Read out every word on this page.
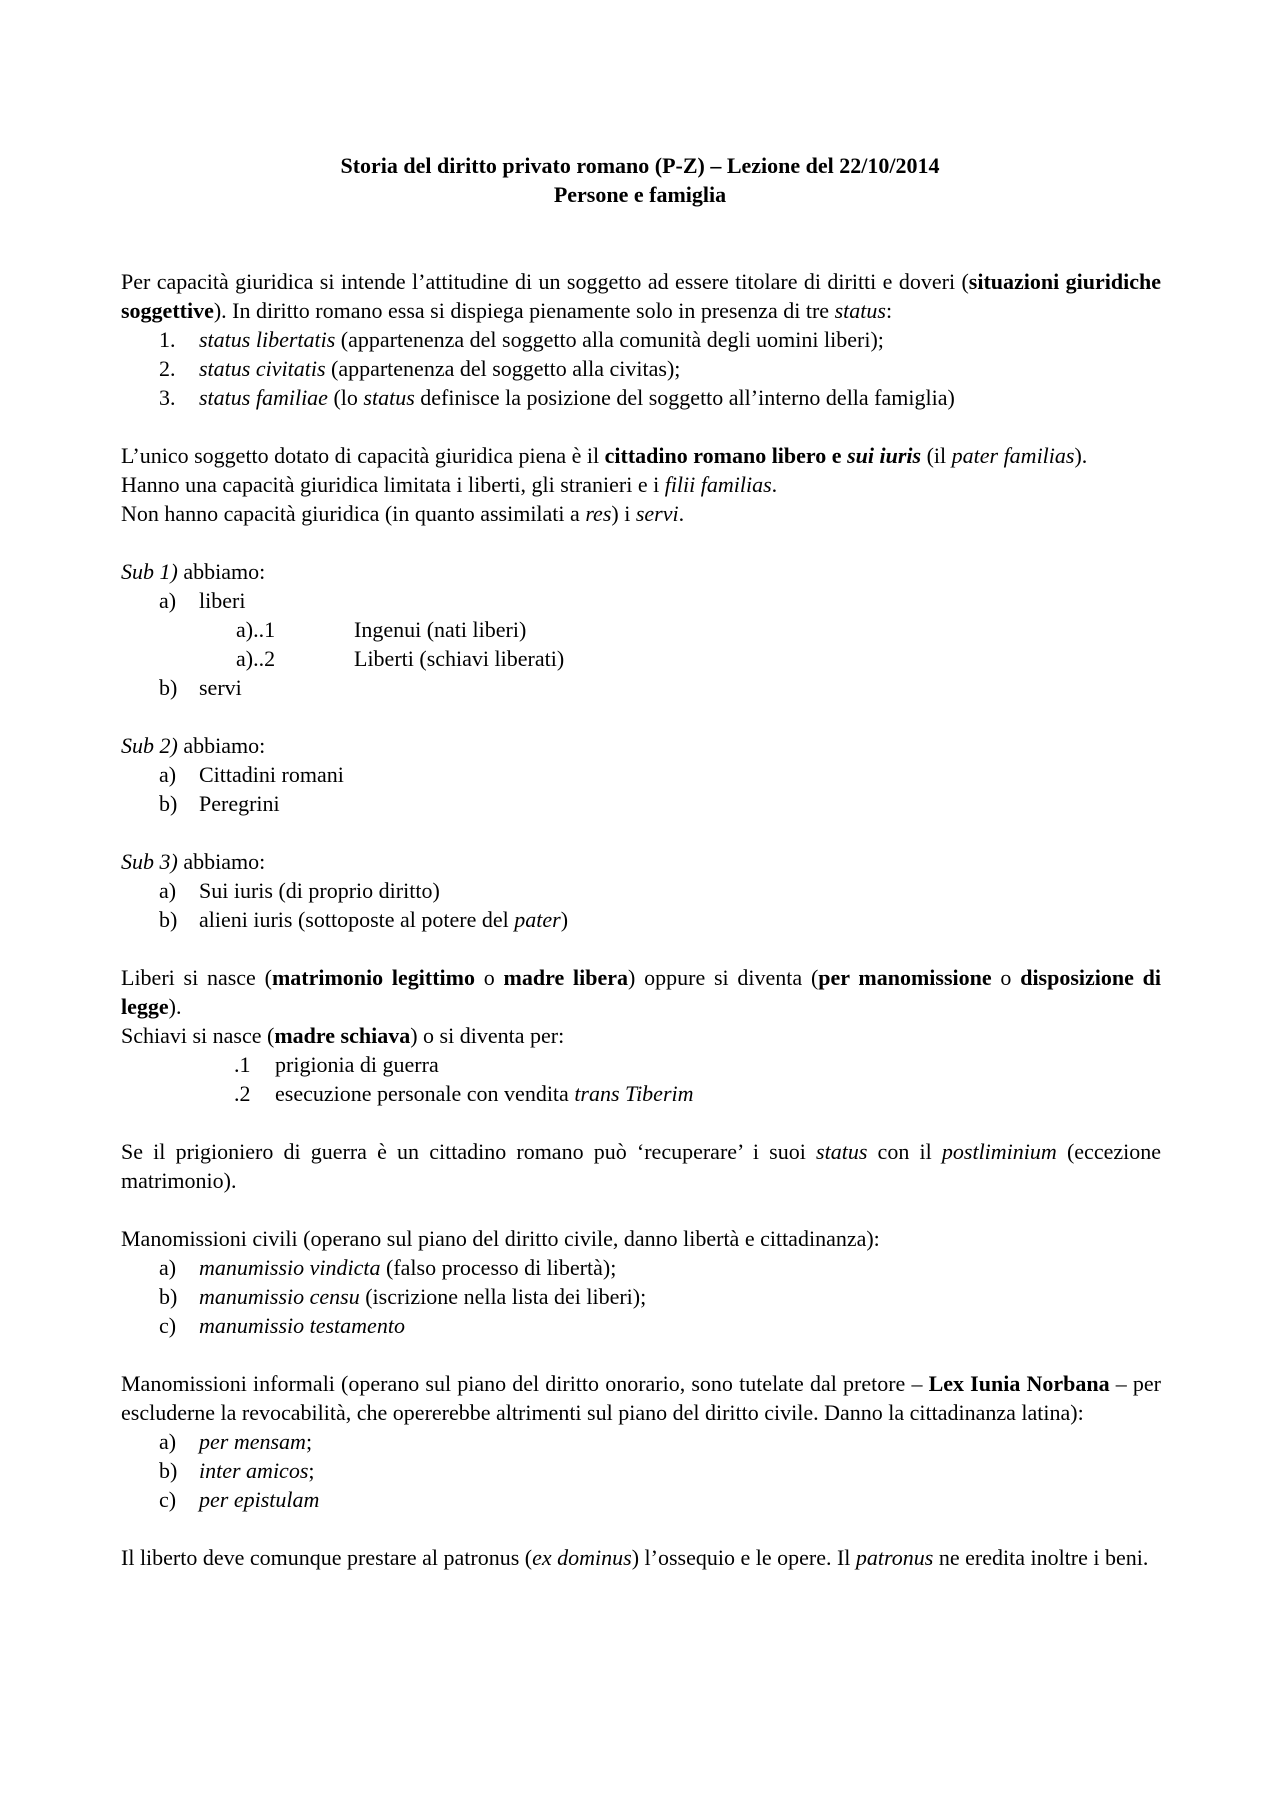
Storia del diritto privato romano (P-Z) – Lezione del 22/10/2014
Persone e famiglia

Per capacità giuridica si intende l’attitudine di un soggetto ad essere titolare di diritti e doveri (situazioni giuridiche soggettive). In diritto romano essa si dispiega pienamente solo in presenza di tre status:

1. status libertatis (appartenenza del soggetto alla comunità degli uomini liberi);
2. status civitatis (appartenenza del soggetto alla civitas);
3. status familiae (lo status definisce la posizione del soggetto all’interno della famiglia)

L’unico soggetto dotato di capacità giuridica piena è il cittadino romano libero e sui iuris (il pater familias).

Hanno una capacità giuridica limitata i liberti, gli stranieri e i filii familias.

Non hanno capacità giuridica (in quanto assimilati a res) i servi.

Sub 1) abbiamo:

a) liberi
a)..1	Ingenui (nati liberi)
a)..2	Liberti (schiavi liberati)
b) servi

Sub 2) abbiamo:

a) Cittadini romani
b) Peregrini

Sub 3) abbiamo:

a) Sui iuris (di proprio diritto)
b) alieni iuris (sottoposte al potere del pater)

Liberi si nasce (matrimonio legittimo o madre libera) oppure si diventa (per manomissione o disposizione di legge).

Schiavi si nasce (madre schiava) o si diventa per:

.1 prigionia di guerra
.2 esecuzione personale con vendita trans Tiberim

Se il prigioniero di guerra è un cittadino romano può ‘recuperare’ i suoi status con il postliminium (eccezione matrimonio).

Manomissioni civili (operano sul piano del diritto civile, danno libertà e cittadinanza):

a) manumissio vindicta (falso processo di libertà);
b) manumissio censu (iscrizione nella lista dei liberi);
c) manumissio testamento

Manomissioni informali (operano sul piano del diritto onorario, sono tutelate dal pretore – Lex Iunia Norbana – per escluderne la revocabilità, che opererebbe altrimenti sul piano del diritto civile. Danno la cittadinanza latina):

a) per mensam;
b) inter amicos;
c) per epistulam

Il liberto deve comunque prestare al patronus (ex dominus) l’ossequio e le opere. Il patronus ne eredita inoltre i beni.
